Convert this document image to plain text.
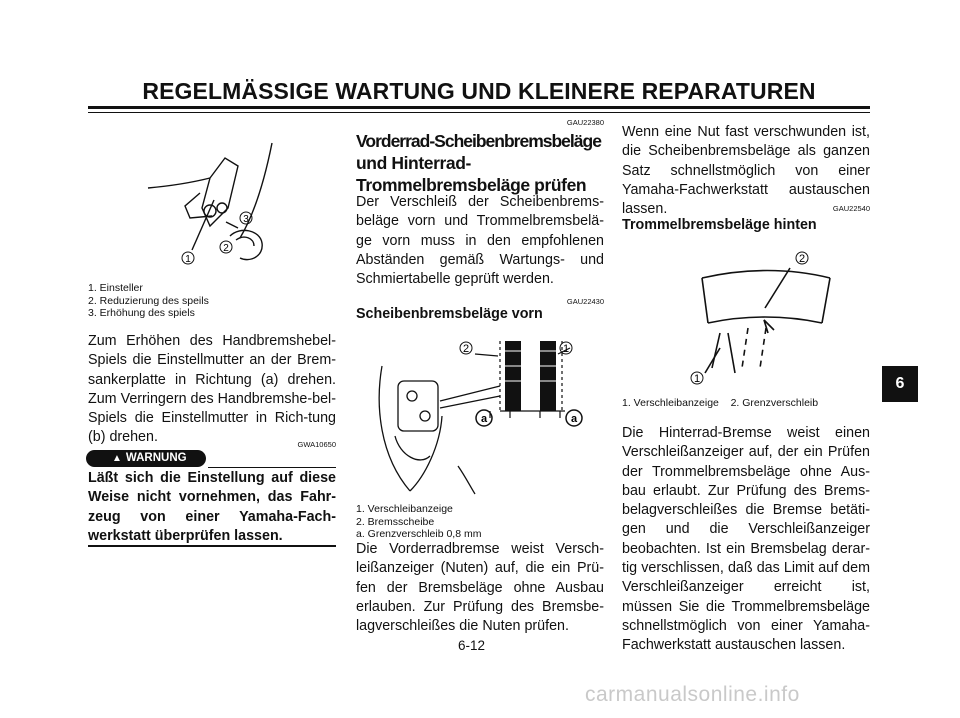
REGELMÄSSIGE WARTUNG UND KLEINERE REPARATUREN
1
2
3
1. Einsteller
2. Reduzierung des speils
3. Erhöhung des spiels
Zum Erhöhen des Handbremshebel-Spiels die Einstellmutter an der Brem-sankerplatte in Richtung (a) drehen. Zum Verringern des Handbremshe-bel-Spiels die Einstellmutter in Rich-tung (b) drehen.	GWA10650
▲ WARNUNG
Läßt sich die Einstellung auf diese Weise nicht vornehmen, das Fahr-zeug von einer Yamaha-Fach-werkstatt überprüfen lassen.
GAU22380
Vorderrad-Scheibenbremsbeläge
und Hinterrad-
Trommelbremsbeläge prüfen
Der Verschleiß der Scheibenbrems-beläge vorn und Trommelbremsbelä-ge vorn muss in den empfohlenen Abständen gemäß Wartungs- und Schmiertabelle geprüft werden.
GAU22430
Scheibenbremsbeläge vorn
2	1
a	a
1. Verschleibanzeige
2. Bremsscheibe
a. Grenzverschleib 0,8 mm
Die Vorderradbremse weist Versch-leißanzeiger (Nuten) auf, die ein Prü-fen der Bremsbeläge ohne Ausbau erlauben. Zur Prüfung des Bremsbe-lagverschleißes die Nuten prüfen.
6-12
Wenn eine Nut fast verschwunden ist, die Scheibenbremsbeläge als ganzen Satz schnellstmöglich von einer Yamaha-Fachwerkstatt austauschen lassen.	GAU22540
Trommelbremsbeläge hinten
2
1
1. Verschleibanzeige    2. Grenzverschleib
Die Hinterrad-Bremse weist einen Verschleißanzeiger auf, der ein Prüfen der Trommelbremsbeläge ohne Aus-bau erlaubt. Zur Prüfung des Brems-belagverschleißes die Bremse betäti-gen und die Verschleißanzeiger beobachten. Ist ein Bremsbelag derar-tig verschlissen, daß das Limit auf dem Verschleißanzeiger erreicht ist, müssen Sie die Trommelbremsbeläge schnellstmöglich von einer Yamaha-Fachwerkstatt austauschen lassen.
6
carmanualsonline.info
